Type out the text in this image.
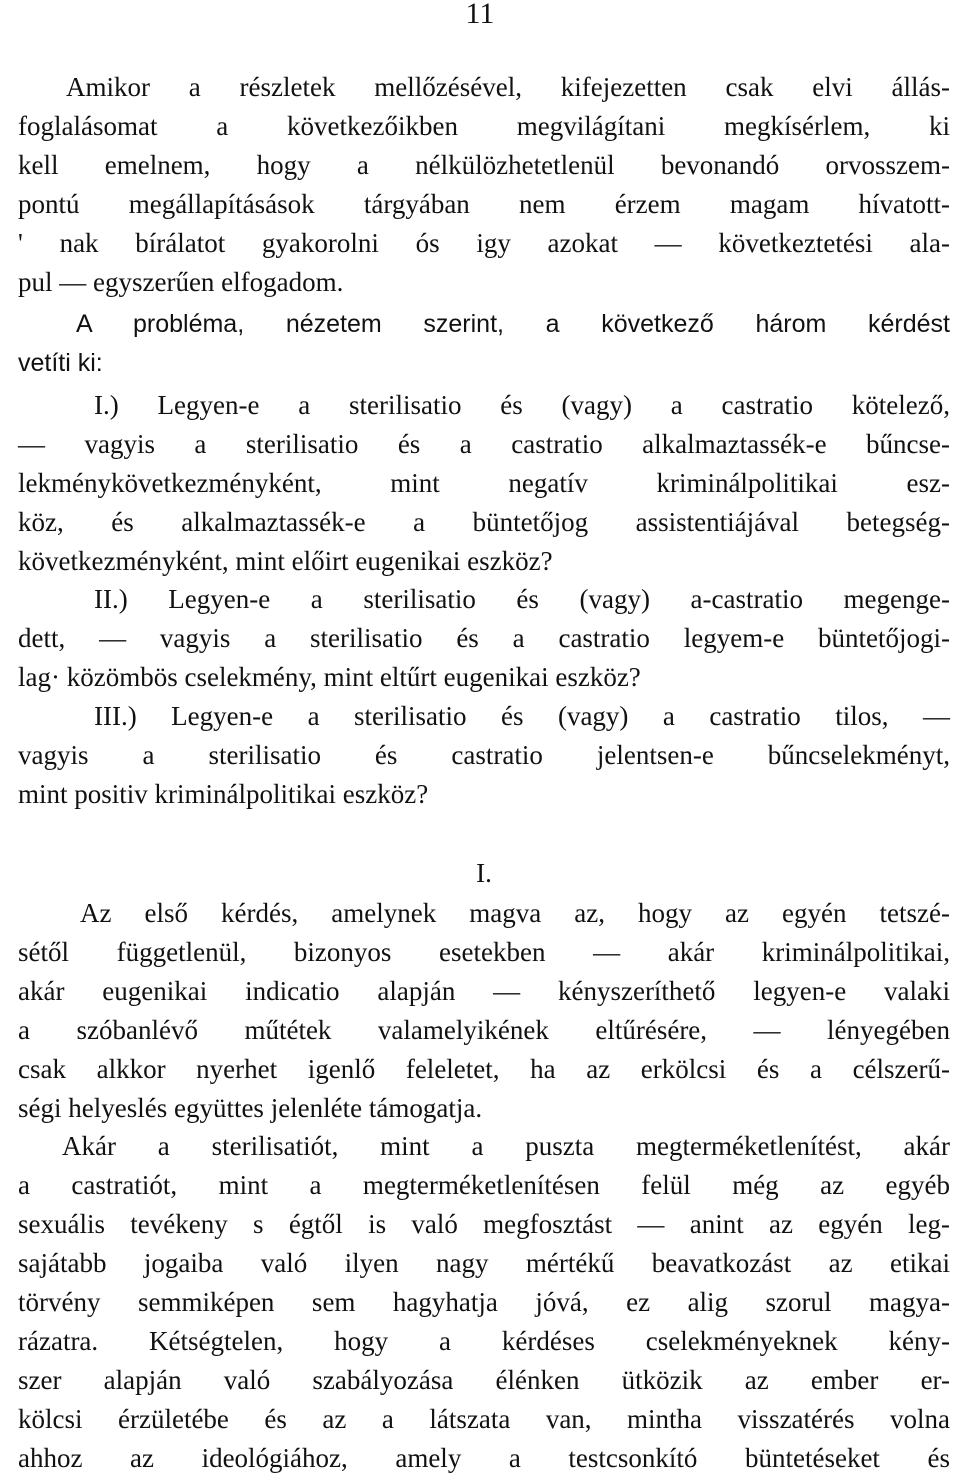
11
Amikor a részletek mellőzésével, kifejezetten csak elvi állás-
foglalásomat a következőikben megvilágítani megkísérlem, ki
kell emelnem, hogy a nélkülözhetetlenül bevonandó orvosszem-
pontú megállapításások tárgyában nem érzem magam hívatott-
' nak bírálatot gyakorolni ós igy azokat — következtetési ala-
pul — egyszerűen elfogadom.
A probléma, nézetem szerint, a következő három kérdést
vetíti ki:
I.) Legyen-e a sterilisatio és (vagy) a castratio kötelező,
— vagyis a sterilisatio és a castratio alkalmaztassék-e bűncse-
lekménykövetkezményként, mint negatív kriminálpolitikai esz-
köz, és alkalmaztassék-e a büntetőjog assistentiájával betegség-
következményként, mint előirt eugenikai eszköz?
II.) Legyen-e a sterilisatio és (vagy) a-castratio megenge-
dett, — vagyis a sterilisatio és a castratio legyem-e büntetőjogi-
lag· közömbös cselekmény, mint eltűrt eugenikai eszköz?
III.) Legyen-e a sterilisatio és (vagy) a castratio tilos, —
vagyis a sterilisatio és castratio jelentsen-e bűncselekményt,
mint positiv kriminálpolitikai eszköz?
I.
Az első kérdés, amelynek magva az, hogy az egyén tetszé-
sétől függetlenül, bizonyos esetekben — akár kriminálpolitikai,
akár eugenikai indicatio alapján — kényszeríthető legyen-e valaki
a szóbanlévő műtétek valamelyikének eltűrésére, — lényegében
csak alkkor nyerhet igenlő feleletet, ha az erkölcsi és a célszerű-
ségi helyeslés együttes jelenléte támogatja.
Akár a sterilisatiót, mint a puszta megterméketlenítést, akár
a castratiót, mint a megterméketlenítésen felül még az egyéb
sexuális tevékeny s égtől is való megfosztást — anint az egyén leg-
sajátabb jogaiba való ilyen nagy mértékű beavatkozást az etikai
törvény semmiképen sem hagyhatja jóvá, ez alig szorul magya-
rázatra. Kétségtelen, hogy a kérdéses cselekményeknek kény-
szer alapján való szabályozása élénken ütközik az ember er-
kölcsi érzületébe és az a látszata van, mintha visszatérés volna
ahhoz az ideológiához, amely a testcsonkító büntetéseket és
